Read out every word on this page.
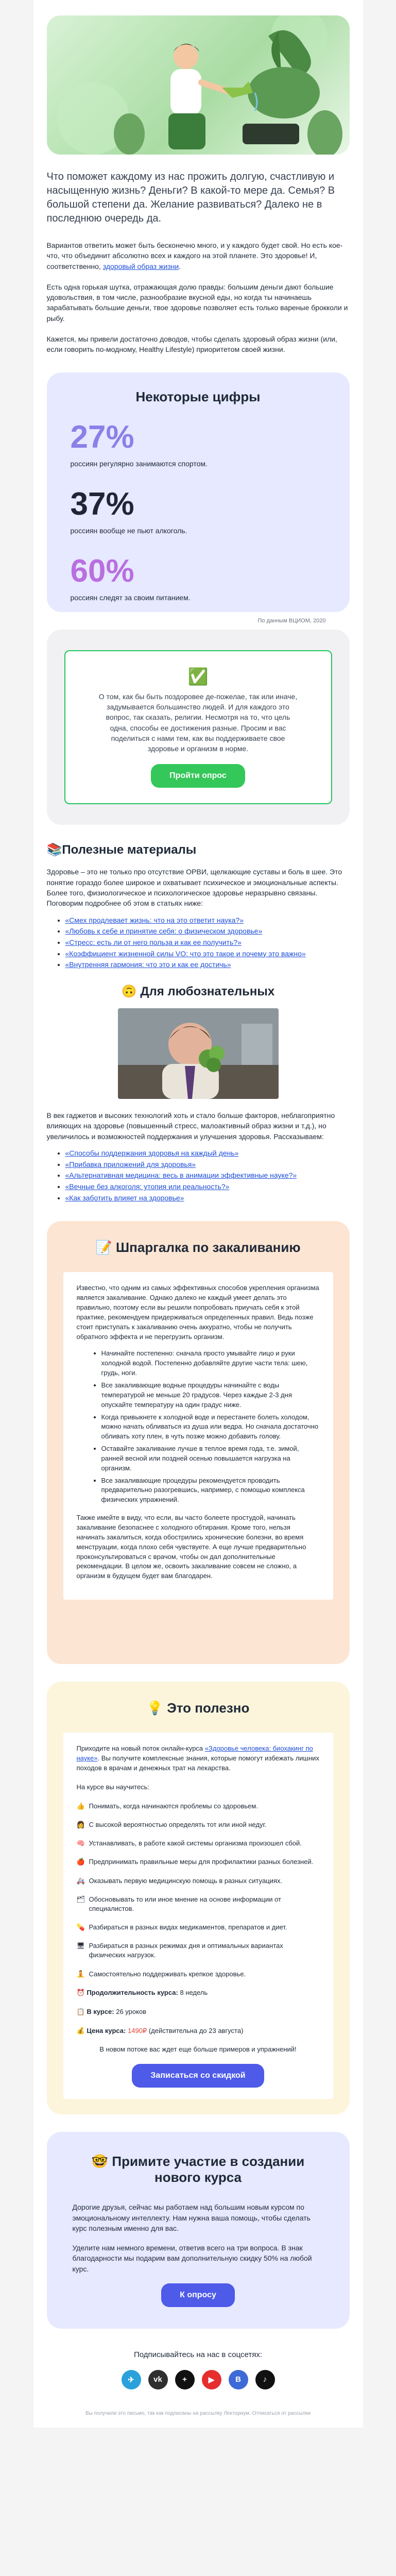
Что поможет каждому из нас прожить долгую, счастливую и насыщенную жизнь? Деньги? В какой-то мере да. Семья? В большой степени да. Желание развиваться? Далеко не в последнюю очередь да.

Вариантов ответить может быть бесконечно много, и у каждого будет свой. Но есть кое-что, что объединит абсолютно всех и каждого на этой планете. Это здоровье! И, соответственно, здоровый образ жизни.

Есть одна горькая шутка, отражающая долю правды: большим деньги дают большие удовольствия, в том числе, разнообразие вкусной еды, но когда ты начинаешь зарабатывать большие деньги, твое здоровье позволяет есть только вареные брокколи и рыбу.

Кажется, мы привели достаточно доводов, чтобы сделать здоровый образ жизни (или, если говорить по-модному, Healthy Lifestyle) приоритетом своей жизни.

Некоторые цифры
27%

россиян регулярно занимаются спортом.

37%

россиян вообще не пьют алкоголь.

60%

россиян следят за своим питанием.

По данным ВЦИОМ, 2020
✅

О том, как бы быть поздоровее де-пожелае, так или иначе, задумывается большинство людей. И для каждого это вопрос, так сказать, религии. Несмотря на то, что цель одна, способы ее достижения разные. Просим и вас поделиться с нами тем, как вы поддерживаете свое здоровье и организм в норме.

Пройти опрос
📚Полезные материалы

Здоровье – это не только про отсутствие ОРВИ, щелкающие суставы и боль в шее. Это понятие гораздо более широкое и охватывает психическое и эмоциональные аспекты. Более того, физиологическое и психологическое здоровье неразрывно связаны. Поговорим подробнее об этом в статьях ниже:

• «Смех продлевает жизнь: что на это ответит наука?»
• «Любовь к себе и принятие себя: о физическом здоровье»
• «Стресс: есть ли от него польза и как ее получить?»
• «Коэффициент жизненной силы VO: что это такое и почему это важно»
• «Внутренняя гармония: что это и как ее достичь»
🙃 Для любознательных

В век гаджетов и высоких технологий хоть и стало больше факторов, неблагоприятно влияющих на здоровье (повышенный стресс, малоактивный образ жизни и т.д.), но увеличилось и возможностей поддержания и улучшения здоровья. Рассказываем:

• «Способы поддержания здоровья на каждый день»
• «Прибавка приложений для здоровья»
• «Альтернативная медицина: весь в анимации эффективные науке?»
• «Вечные без алкоголя: утопия или реальность?»
• «Как заботить влияет на здоровье»
📝 Шпаргалка по закаливанию

Известно, что одним из самых эффективных способов укрепления организма является закаливание. Однако далеко не каждый умеет делать это правильно, поэтому если вы решили попробовать приучать себя к этой практике, рекомендуем придерживаться определенных правил. Ведь позже стоит приступать к закаливанию очень аккуратно, чтобы не получить обратного эффекта и не перегрузить организм.

• Начинайте постепенно: сначала просто умывайте лицо и руки холодной водой. Постепенно добавляйте другие части тела: шею, грудь, ноги.
• Все закаливающие водные процедуры начинайте с воды температурой не меньше 20 градусов. Через каждые 2-3 дня опускайте температуру на один градус ниже.
• Когда привыкнете к холодной воде и перестанете болеть холодом, можно начать обливаться из душа или ведра. Но сначала достаточно обливать хоту плен, в чуть позже можно добавить голову.
• Оставайте закаливание лучше в теплое время года, т.е. зимой, ранней весной или поздней осенью повышается нагрузка на организм.
• Все закаливающие процедуры рекомендуется проводить предварительно разогревшись, например, с помощью комплекса физических упражнений.

Также имейте в виду, что если, вы часто болеете простудой, начинать закаливание безопаснее с холодного обтирания. Кроме того, нельзя начинать закалиться, когда обострились хронические болезни, во время менструации, когда плохо себя чувствуете. А еще лучше предварительно проконсультироваться с врачом, чтобы он дал дополнительные рекомендации. В целом же, освоить закаливание совсем не сложно, а организм в будущем будет вам благодарен.

💡 Это полезно

Приходите на новый поток онлайн-курса «Здоровье человека: биохакинг по науке». Вы получите комплексные знания, которые помогут избежать лишних походов в врачам и денежных трат на лекарства.

На курсе вы научитесь:

👍 Понимать, когда начинаются проблемы со здоровьем.
👩 С высокой вероятностью определять тот или иной недуг.
🧠 Устанавливать, в работе какой системы организма произошел сбой.
🍎 Предпринимать правильные меры для профилактики разных болезней.
🚑 Оказывать первую медицинскую помощь в разных ситуациях.
🗂 Обосновывать то или иное мнение на основе информации от специалистов.
💊 Разбираться в разных видах медикаментов, препаратов и диет.
🖥 Разбираться в разных режимах дня и оптимальных вариантах физических нагрузок.
🧘 Самостоятельно поддерживать крепкое здоровье.

⏰ Продолжительность курса: 8 недель

📋 В курсе: 26 уроков

💰 Цена курса: 1490₽ (действительна до 23 августа)

В новом потоке вас ждет еще больше примеров и упражнений!

Записаться со скидкой
🤓 Примите участие в создании нового курса

Дорогие друзья, сейчас мы работаем над большим новым курсом по эмоциональному интеллекту. Нам нужна ваша помощь, чтобы сделать курс полезным именно для вас.

Уделите нам немного времени, ответив всего на три вопроса. В знак благодарности мы подарим вам дополнительную скидку 50% на любой курс.

К опросу

Подписывайтесь на нас в соцсетях:

✈	vk	+	▶	В	♪

Вы получили это письмо, так как подписаны на рассылку Лекториум. Отписаться от рассылки
